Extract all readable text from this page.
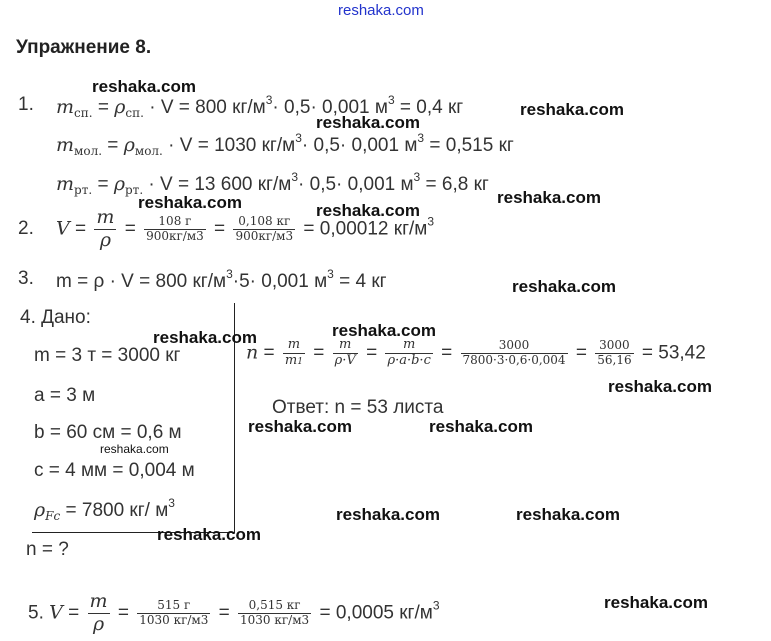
reshaka.com
Упражнение 8.
1. $m_{сп.} = \rho_{сп.} \cdot V = 800$ $кг/м^3\cdot 0,5\cdot 0,001$ $м^3 = 0,4$ кг
$m_{мол.} = \rho_{мол.} \cdot V = 1030$ $кг/м^3\cdot 0,5\cdot 0,001$ $м^3 = 0,515$ кг
$m_{рт.} = \rho_{рт.} \cdot V = 13$ 600 $кг/м^3\cdot 0,5\cdot 0,001$ $м^3 = 6,8$ кг
2. $V = \frac{m}{\rho} = \frac{108 г}{900кг/м3} = \frac{0,108 кг}{900кг/м3} = 0,00012$ $кг/м^3$
3. m = ρ · V = 800 $кг/м^3\cdot 5\cdot 0,001$ $м^3 = 4$ кг
4. Дано:
m = 3 т = 3000 кг
a = 3 м
b = 60 см = 0,6 м
c = 4 мм = 0,004 м
$\rho_{Fc} = 7800$ кг/ $м^3$
n = ?
$n = \frac{m}{m1} = \frac{m}{\rho\cdot V} = \frac{m}{\rho\cdot a\cdot b\cdot c} = \frac{3000}{7800\cdot 3\cdot 0,6\cdot 0,004} = \frac{3000}{56,16} = 53,42$
Ответ: n = 53 листа
5. $V = \frac{m}{\rho} = \frac{515 г}{1030 кг/м3} = \frac{0,515 кг}{1030 кг/м3} = 0,0005$ $кг/м^3$
reshaka.com
reshaka.com
reshaka.com
reshaka.com
reshaka.com	reshaka.com
reshaka.com
reshaka.com
reshaka.com
reshaka.com
reshaka.com	reshaka.com
reshaka.com
reshaka.com	reshaka.com
reshaka.com
reshaka.com
